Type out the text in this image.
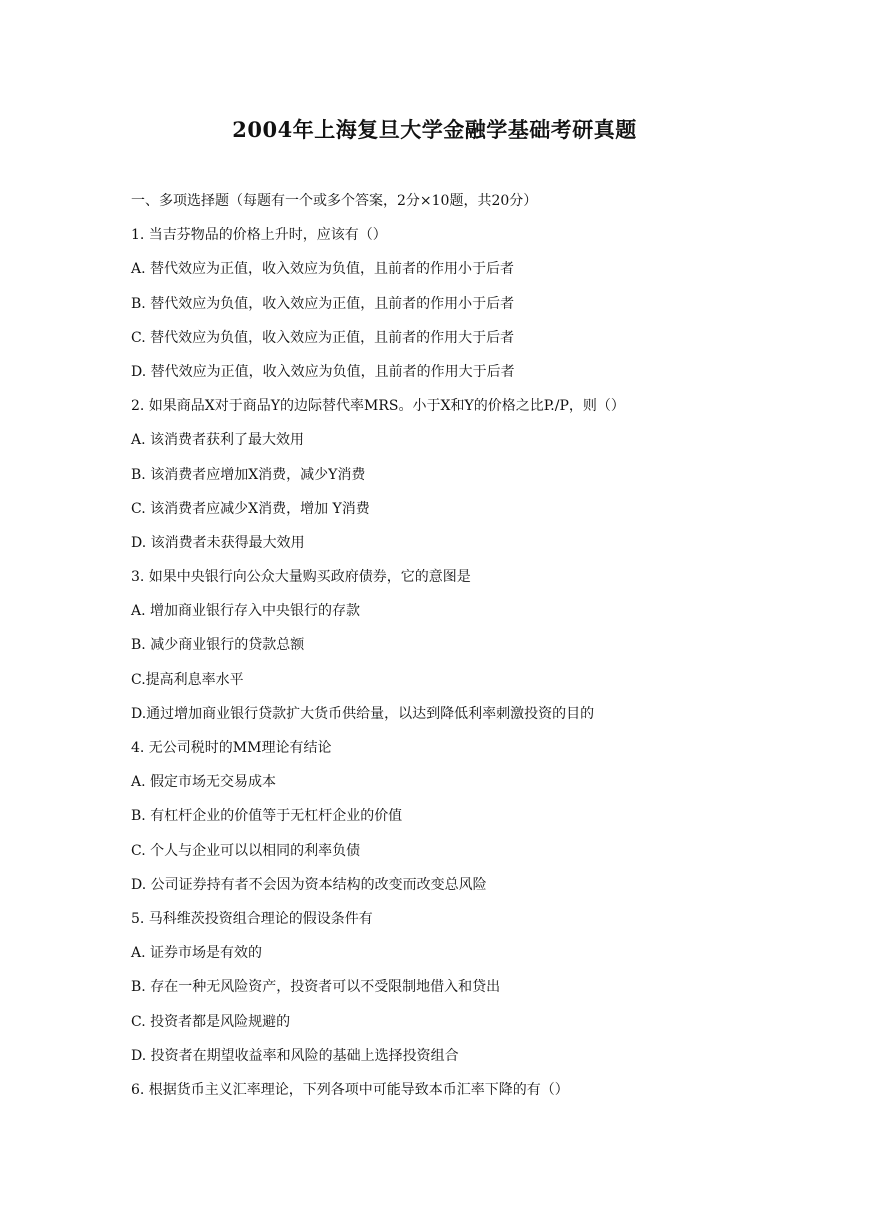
2004年上海复旦大学金融学基础考研真题
一、多项选择题（每题有一个或多个答案，2分×10题，共20分）
1. 当吉芬物品的价格上升时，应该有（）
A. 替代效应为正值，收入效应为负值，且前者的作用小于后者
B. 替代效应为负值，收入效应为正值，且前者的作用小于后者
C. 替代效应为负值，收入效应为正值，且前者的作用大于后者
D. 替代效应为正值，收入效应为负值，且前者的作用大于后者
2. 如果商品X对于商品Y的边际替代率MRS。小于X和Y的价格之比P./P，则（）
A. 该消费者获利了最大效用
B. 该消费者应增加X消费，减少Y消费
C. 该消费者应减少X消费，增加 Y消费
D. 该消费者未获得最大效用
3. 如果中央银行向公众大量购买政府债券，它的意图是
A. 增加商业银行存入中央银行的存款
B. 减少商业银行的贷款总额
C.提高利息率水平
D.通过增加商业银行贷款扩大货币供给量，以达到降低利率刺激投资的目的
4. 无公司税时的MM理论有结论
A. 假定市场无交易成本
B. 有杠杆企业的价值等于无杠杆企业的价值
C. 个人与企业可以以相同的利率负债
D. 公司证券持有者不会因为资本结构的改变而改变总风险
5. 马科维茨投资组合理论的假设条件有
A. 证券市场是有效的
B. 存在一种无风险资产，投资者可以不受限制地借入和贷出
C. 投资者都是风险规避的
D. 投资者在期望收益率和风险的基础上选择投资组合
6. 根据货币主义汇率理论，下列各项中可能导致本币汇率下降的有（）
